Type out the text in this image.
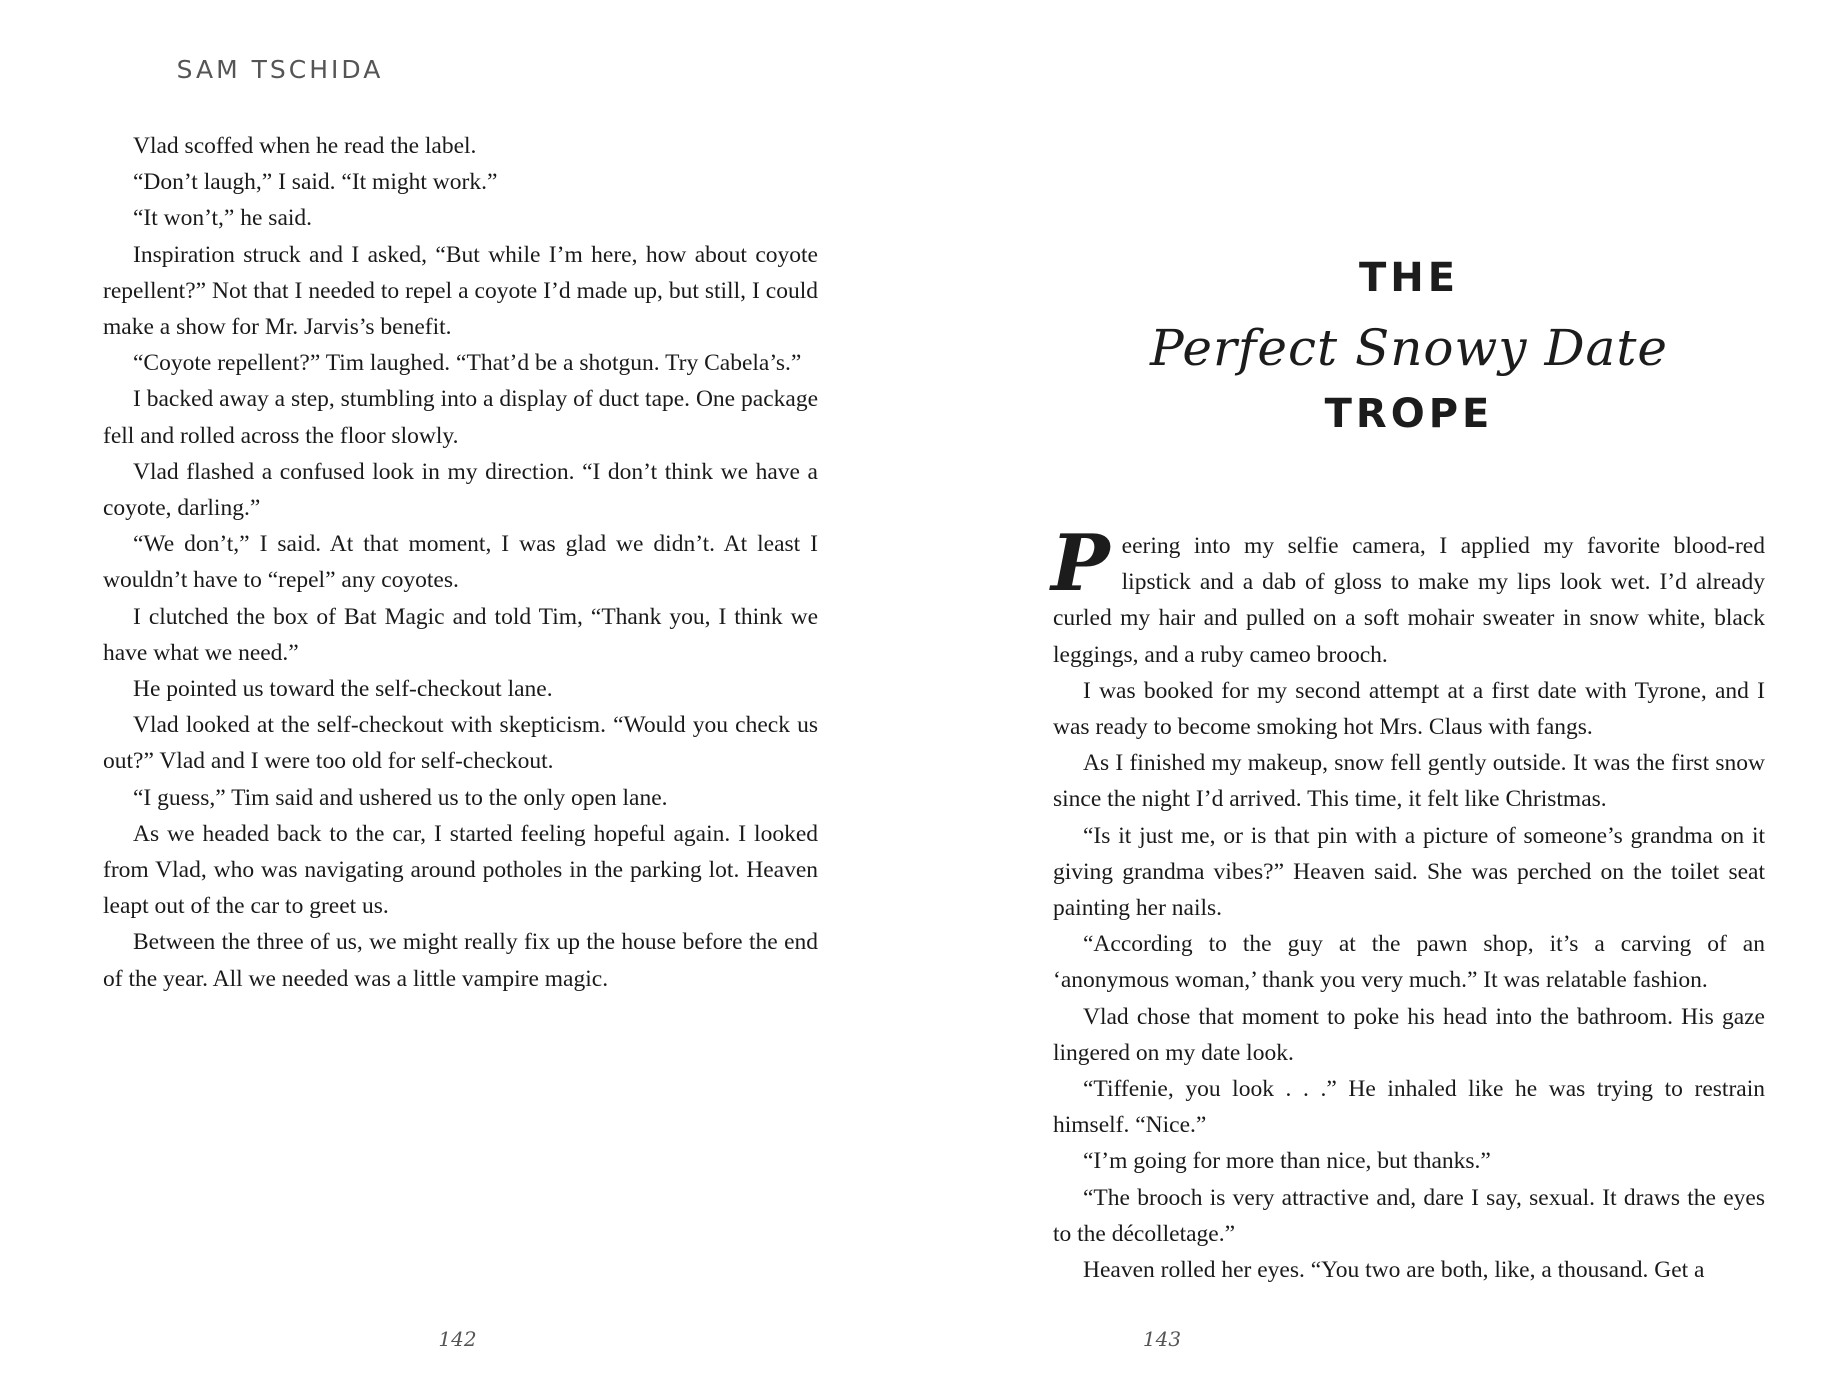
SAM TSCHIDA

Vlad scoffed when he read the label.

“Don’t laugh,” I said. “It might work.”

“It won’t,” he said.

Inspiration struck and I asked, “But while I’m here, how about coyote repellent?” Not that I needed to repel a coyote I’d made up, but still, I could make a show for Mr. Jarvis’s benefit.

“Coyote repellent?” Tim laughed. “That’d be a shotgun. Try Cabela’s.”

I backed away a step, stumbling into a display of duct tape. One package fell and rolled across the floor slowly.

Vlad flashed a confused look in my direction. “I don’t think we have a coyote, darling.”

“We don’t,” I said. At that moment, I was glad we didn’t. At least I wouldn’t have to “repel” any coyotes.

I clutched the box of Bat Magic and told Tim, “Thank you, I think we have what we need.”

He pointed us toward the self-checkout lane.

Vlad looked at the self-checkout with skepticism. “Would you check us out?” Vlad and I were too old for self-checkout.

“I guess,” Tim said and ushered us to the only open lane.

As we headed back to the car, I started feeling hopeful again. I looked from Vlad, who was navigating around potholes in the parking lot. Heaven leapt out of the car to greet us.

Between the three of us, we might really fix up the house before the end of the year. All we needed was a little vampire magic.

142

THE
Perfect Snowy Date
TROPE

Peering into my selfie camera, I applied my favorite blood-red lipstick and a dab of gloss to make my lips look wet. I’d already curled my hair and pulled on a soft mohair sweater in snow white, black leggings, and a ruby cameo brooch.

I was booked for my second attempt at a first date with Tyrone, and I was ready to become smoking hot Mrs. Claus with fangs.

As I finished my makeup, snow fell gently outside. It was the first snow since the night I’d arrived. This time, it felt like Christmas.

“Is it just me, or is that pin with a picture of someone’s grandma on it giving grandma vibes?” Heaven said. She was perched on the toilet seat painting her nails.

“According to the guy at the pawn shop, it’s a carving of an ‘anonymous woman,’ thank you very much.” It was relatable fashion.

Vlad chose that moment to poke his head into the bathroom. His gaze lingered on my date look.

“Tiffenie, you look . . .” He inhaled like he was trying to restrain himself. “Nice.”

“I’m going for more than nice, but thanks.”

“The brooch is very attractive and, dare I say, sexual. It draws the eyes to the décolletage.”

Heaven rolled her eyes. “You two are both, like, a thousand. Get a

143
